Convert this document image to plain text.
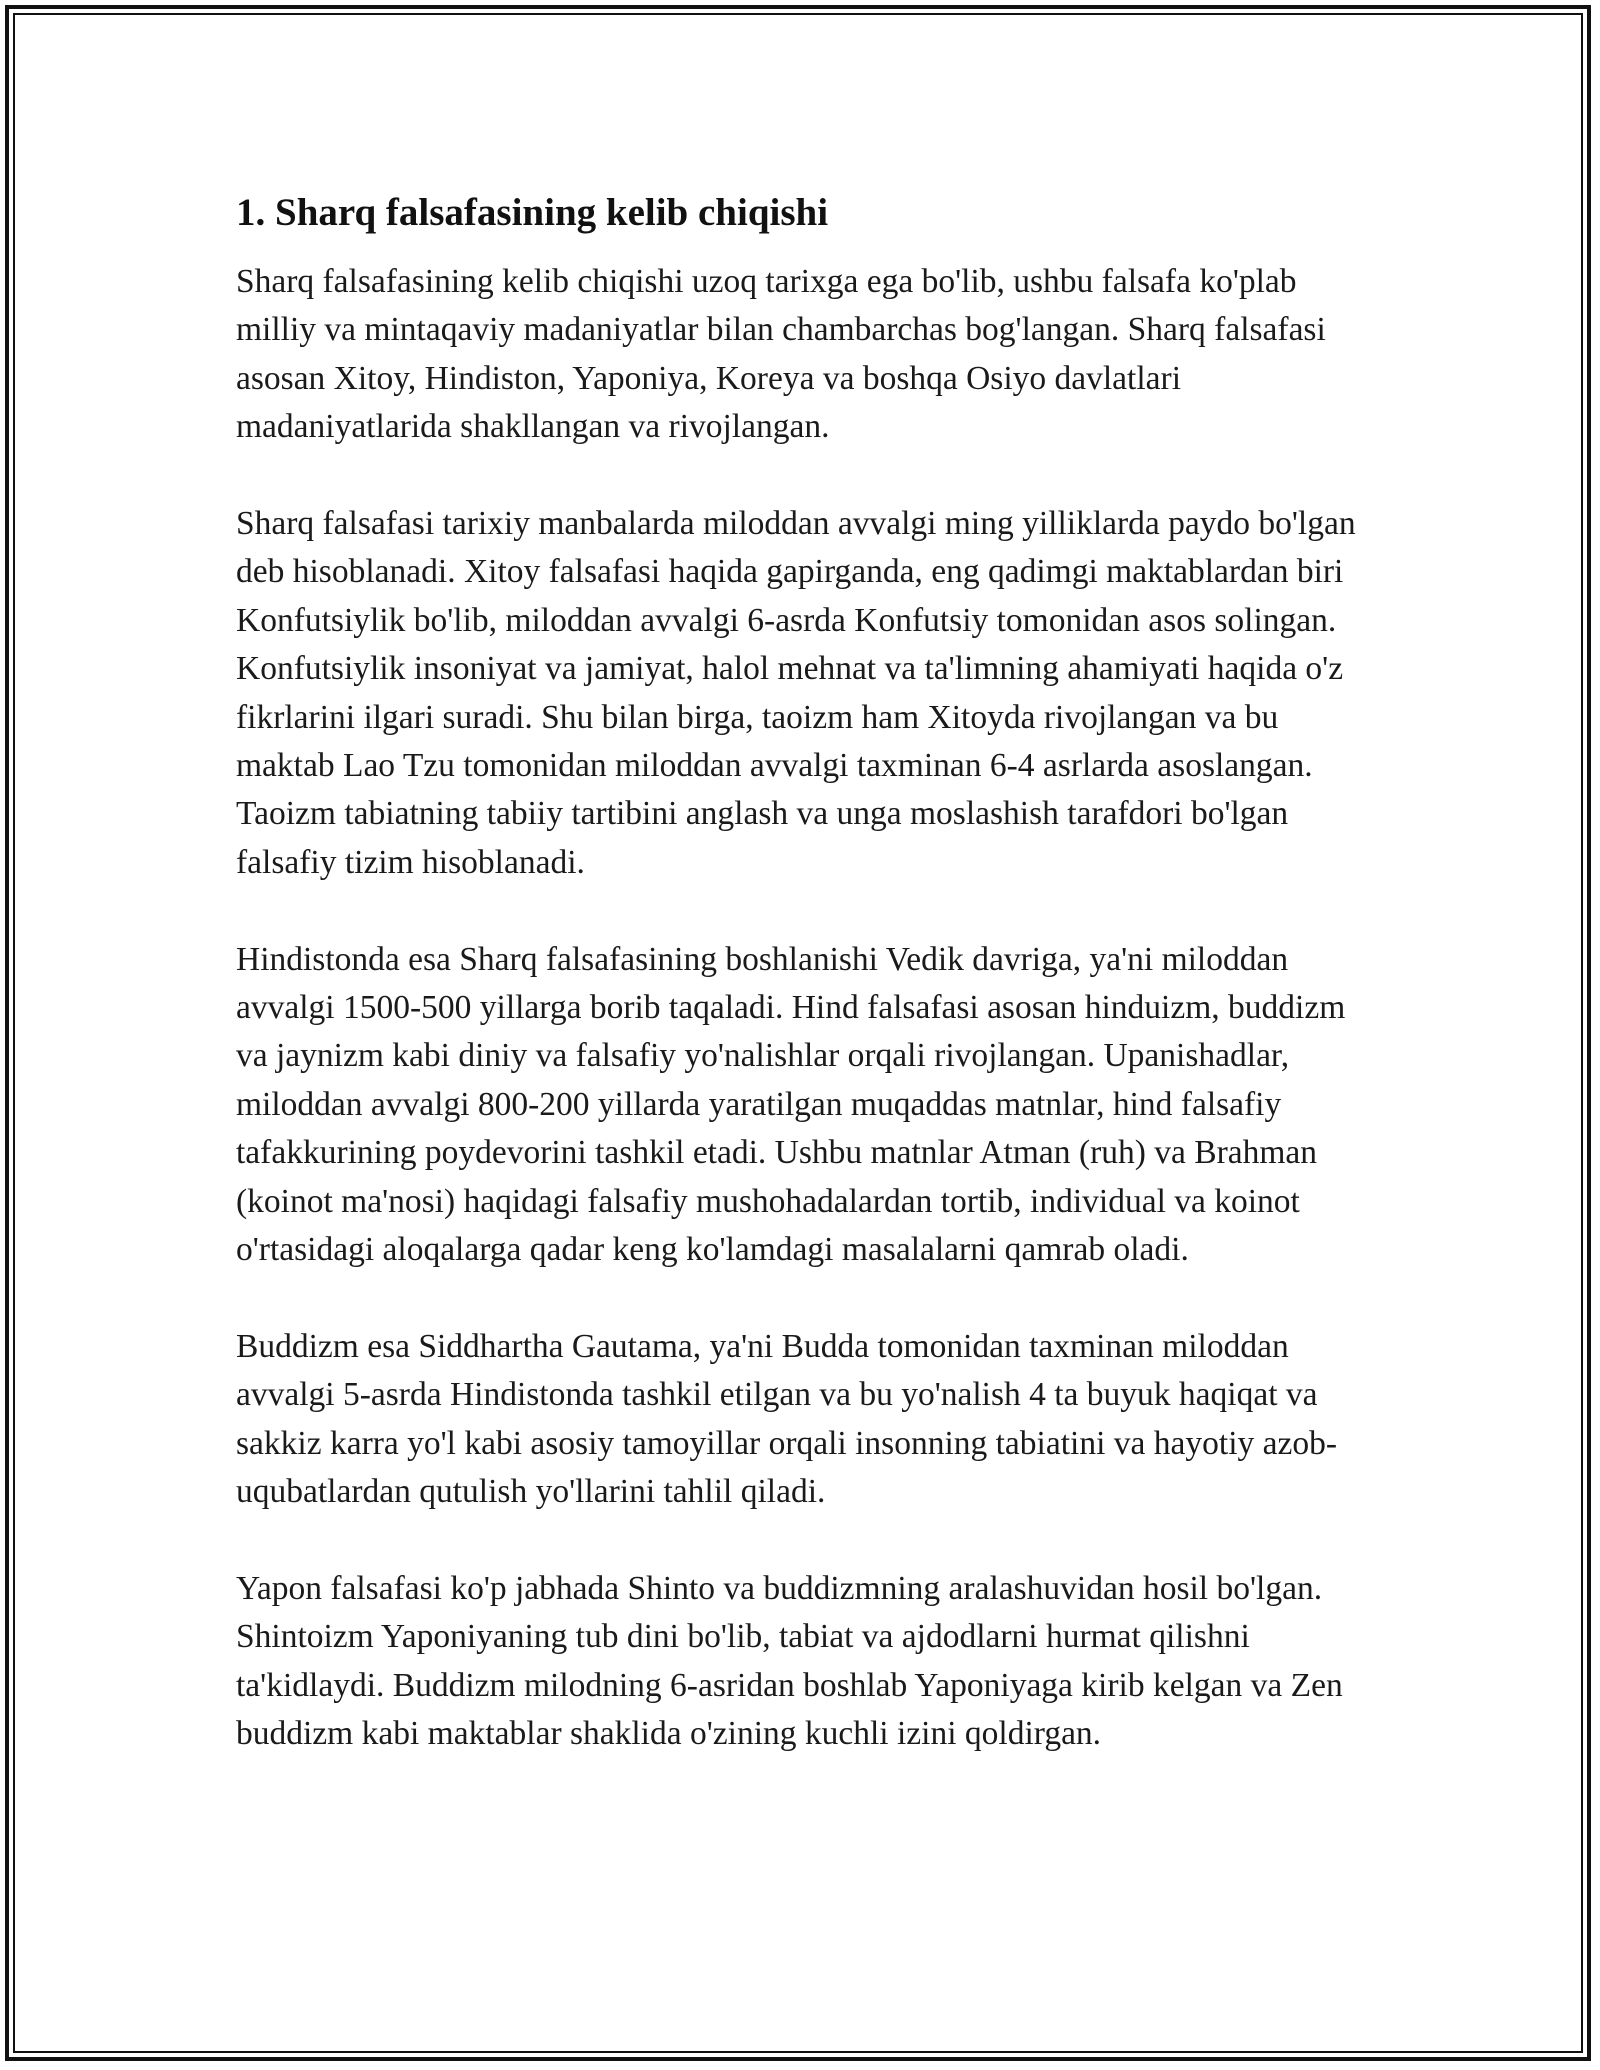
1. Sharq falsafasining kelib chiqishi

Sharq falsafasining kelib chiqishi uzoq tarixga ega bo'lib, ushbu falsafa ko'plab milliy va mintaqaviy madaniyatlar bilan chambarchas bog'langan. Sharq falsafasi asosan Xitoy, Hindiston, Yaponiya, Koreya va boshqa Osiyo davlatlari madaniyatlarida shakllangan va rivojlangan.

Sharq falsafasi tarixiy manbalarda miloddan avvalgi ming yilliklarda paydo bo'lgan deb hisoblanadi. Xitoy falsafasi haqida gapirganda, eng qadimgi maktablardan biri Konfutsiylik bo'lib, miloddan avvalgi 6-asrda Konfutsiy tomonidan asos solingan. Konfutsiylik insoniyat va jamiyat, halol mehnat va ta'limning ahamiyati haqida o'z fikrlarini ilgari suradi. Shu bilan birga, taoizm ham Xitoyda rivojlangan va bu maktab Lao Tzu tomonidan miloddan avvalgi taxminan 6-4 asrlarda asoslangan. Taoizm tabiatning tabiiy tartibini anglash va unga moslashish tarafdori bo'lgan falsafiy tizim hisoblanadi.

Hindistonda esa Sharq falsafasining boshlanishi Vedik davriga, ya'ni miloddan avvalgi 1500-500 yillarga borib taqaladi. Hind falsafasi asosan hinduizm, buddizm va jaynizm kabi diniy va falsafiy yo'nalishlar orqali rivojlangan. Upanishadlar, miloddan avvalgi 800-200 yillarda yaratilgan muqaddas matnlar, hind falsafiy tafakkurining poydevorini tashkil etadi. Ushbu matnlar Atman (ruh) va Brahman (koinot ma'nosi) haqidagi falsafiy mushohadalardan tortib, individual va koinot o'rtasidagi aloqalarga qadar keng ko'lamdagi masalalarni qamrab oladi.

Buddizm esa Siddhartha Gautama, ya'ni Budda tomonidan taxminan miloddan avvalgi 5-asrda Hindistonda tashkil etilgan va bu yo'nalish 4 ta buyuk haqiqat va sakkiz karra yo'l kabi asosiy tamoyillar orqali insonning tabiatini va hayotiy azob-uqubatlardan qutulish yo'llarini tahlil qiladi.

Yapon falsafasi ko'p jabhada Shinto va buddizmning aralashuvidan hosil bo'lgan. Shintoizm Yaponiyaning tub dini bo'lib, tabiat va ajdodlarni hurmat qilishni ta'kidlaydi. Buddizm milodning 6-asridan boshlab Yaponiyaga kirib kelgan va Zen buddizm kabi maktablar shaklida o'zining kuchli izini qoldirgan.
